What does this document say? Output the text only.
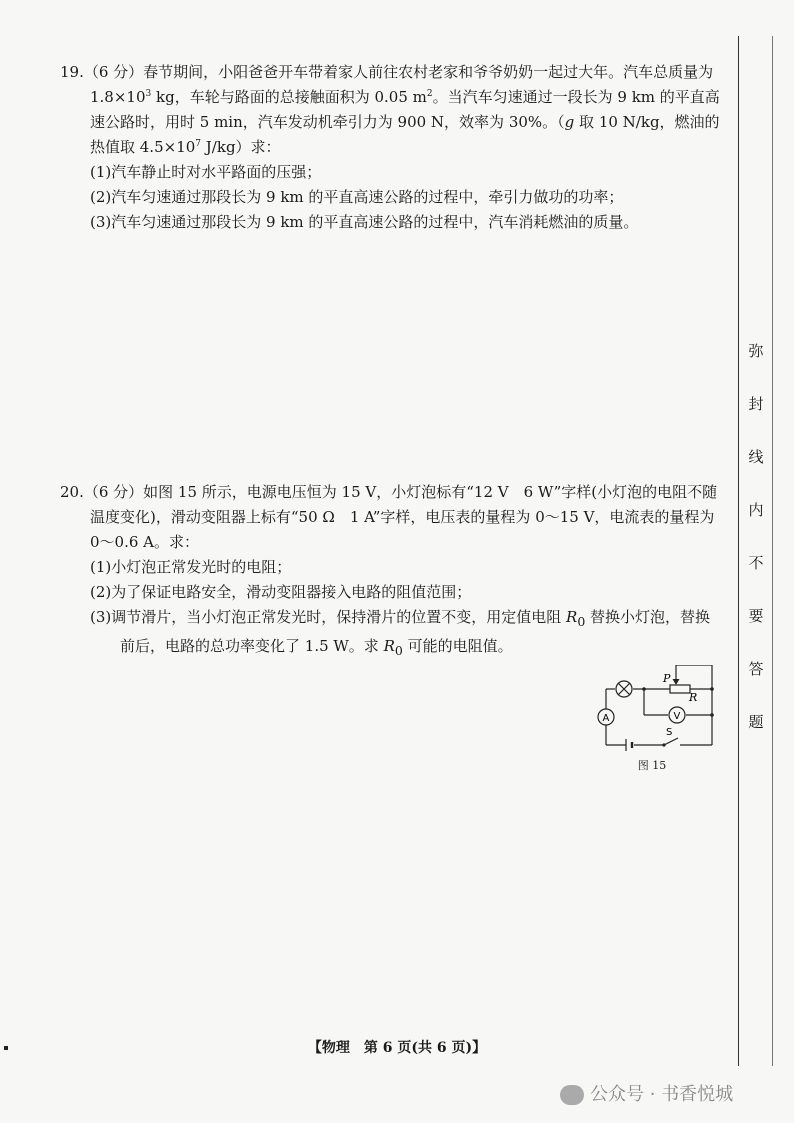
19.（6 分）春节期间，小阳爸爸开车带着家人前往农村老家和爷爷奶奶一起过大年。汽车总质量为 $1.8\times 10^3$ kg，车轮与路面的总接触面积为 0.05 $m^2$。当汽车匀速通过一段长为 9 km 的平直高速公路时，用时 5 min，汽车发动机牵引力为 900 N，效率为 30%。（g 取 10 N/kg，燃油的热值取 $4.5\times 10^7$ J/kg）求：

(1)汽车静止时对水平路面的压强；

(2)汽车匀速通过那段长为 9 km 的平直高速公路的过程中，牵引力做功的功率；

(3)汽车匀速通过那段长为 9 km 的平直高速公路的过程中，汽车消耗燃油的质量。

20.（6 分）如图 15 所示，电源电压恒为 15 V，小灯泡标有“12 V　6 W”字样(小灯泡的电阻不随温度变化)，滑动变阻器上标有“50 Ω　1 A”字样，电压表的量程为 0～15 V，电流表的量程为 0～0.6 A。求：

(1)小灯泡正常发光时的电阻；

(2)为了保证电路安全，滑动变阻器接入电路的阻值范围；

(3)调节滑片，当小灯泡正常发光时，保持滑片的位置不变，用定值电阻 $R_0$ 替换小灯泡，替换前后，电路的总功率变化了 1.5 W。求 $R_0$ 可能的电阻值。

P
R
A	V
S
图 15
弥
封
线
内
不
要
答
题
【物理　第 6 页(共 6 页)】
公众号 · 书香悦城
